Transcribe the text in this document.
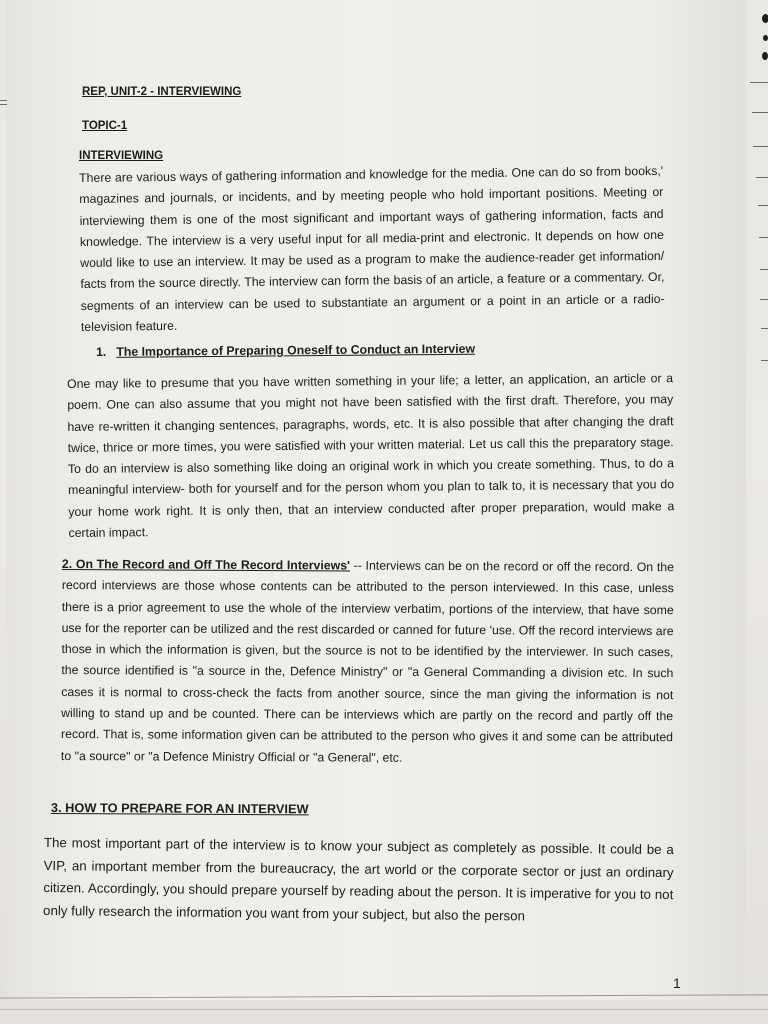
REP, UNIT-2 - INTERVIEWING
TOPIC-1
INTERVIEWING
There are various ways of gathering information and knowledge for the media. One can do so from books,' magazines and journals, or incidents, and by meeting people who hold important positions. Meeting or interviewing them is one of the most significant and important ways of gathering information, facts and knowledge. The interview is a very useful input for all media-print and electronic. It depends on how one would like to use an interview. It may be used as a program to make the audience-reader get information/ facts from the source directly. The interview can form the basis of an article, a feature or a commentary. Or, segments of an interview can be used to substantiate an argument or a point in an article or a radio- television feature.
1. The Importance of Preparing Oneself to Conduct an Interview
One may like to presume that you have written something in your life; a letter, an application, an article or a poem. One can also assume that you might not have been satisfied with the first draft. Therefore, you may have re-written it changing sentences, paragraphs, words, etc. It is also possible that after changing the draft twice, thrice or more times, you were satisfied with your written material. Let us call this the preparatory stage. To do an interview is also something like doing an original work in which you create something. Thus, to do a meaningful interview- both for yourself and for the person whom you plan to talk to, it is necessary that you do your home work right. It is only then, that an interview conducted after proper preparation, would make a certain impact.
2. On The Record and Off The Record Interviews' -- Interviews can be on the record or off the record. On the record interviews are those whose contents can be attributed to the person interviewed. In this case, unless there is a prior agreement to use the whole of the interview verbatim, portions of the interview, that have some use for the reporter can be utilized and the rest discarded or canned for future 'use. Off the record interviews are those in which the information is given, but the source is not to be identified by the interviewer. In such cases, the source identified is "a source in the, Defence Ministry" or "a General Commanding a division etc. In such cases it is normal to cross-check the facts from another source, since the man giving the information is not willing to stand up and be counted. There can be interviews which are partly on the record and partly off the record. That is, some information given can be attributed to the person who gives it and some can be attributed to "a source" or "a Defence Ministry Official or "a General", etc.
3. HOW TO PREPARE FOR AN INTERVIEW
The most important part of the interview is to know your subject as completely as possible. It could be a VIP, an important member from the bureaucracy, the art world or the corporate sector or just an ordinary citizen. Accordingly, you should prepare yourself by reading about the person. It is imperative for you to not only fully research the information you want from your subject, but also the person
1
